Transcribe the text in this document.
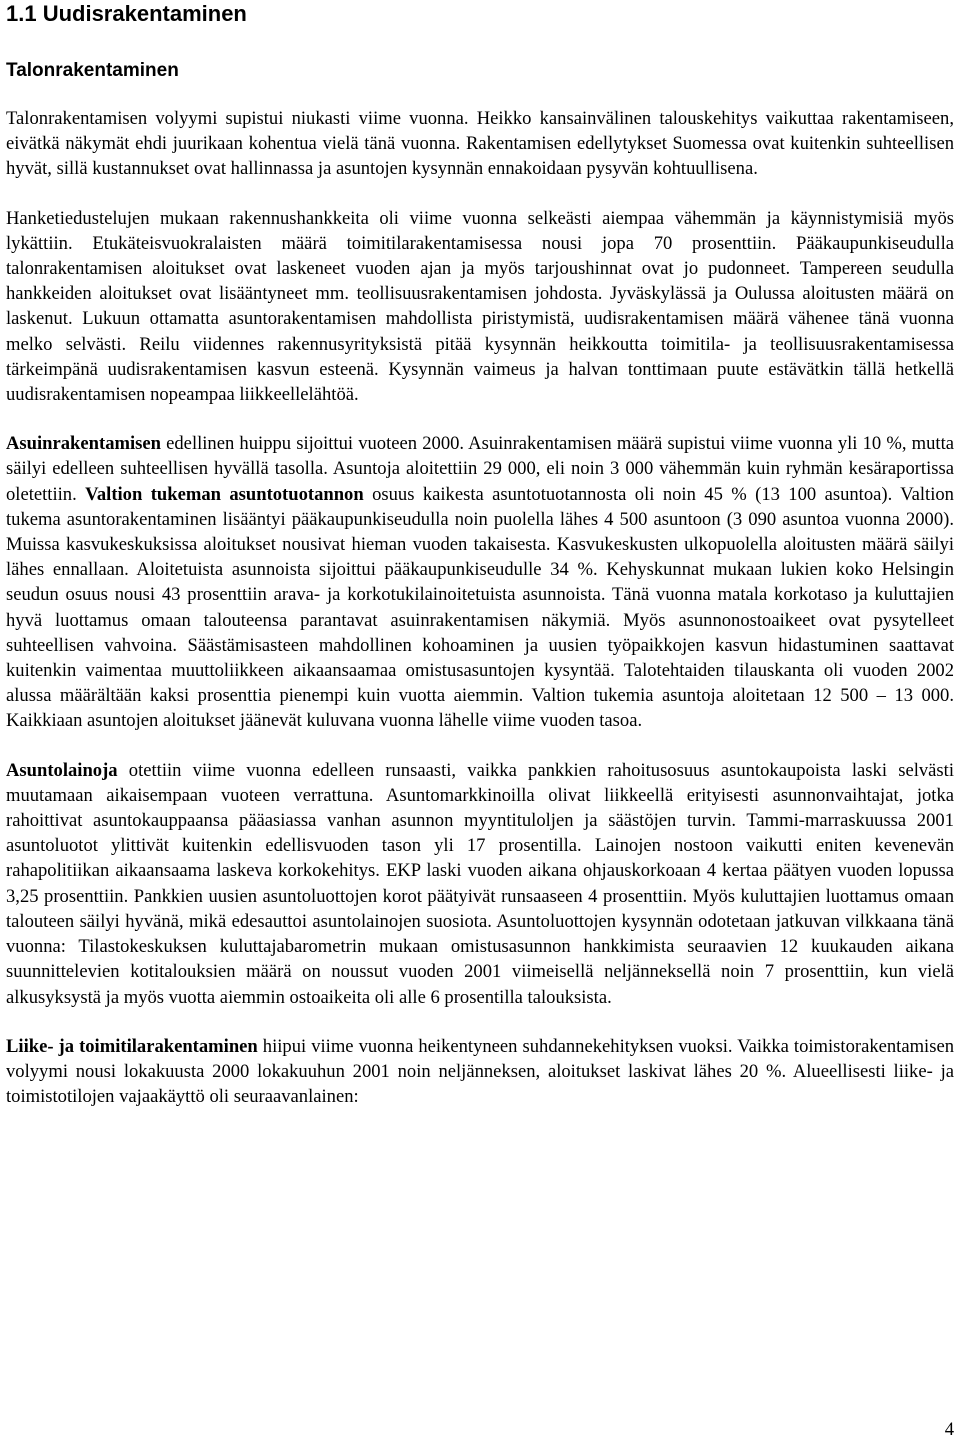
1.1 Uudisrakentaminen
Talonrakentaminen

Talonrakentamisen volyymi supistui niukasti viime vuonna. Heikko kansainvälinen talouskehitys vaikuttaa rakentamiseen, eivätkä näkymät ehdi juurikaan kohentua vielä tänä vuonna. Rakentamisen edellytykset Suomessa ovat kuitenkin suhteellisen hyvät, sillä kustannukset ovat hallinnassa ja asuntojen kysynnän ennakoidaan pysyvän kohtuullisena.

Hanketiedustelujen mukaan rakennushankkeita oli viime vuonna selkeästi aiempaa vähemmän ja käynnistymisiä myös lykättiin. Etukäteisvuokralaisten määrä toimitilarakentamisessa nousi jopa 70 prosenttiin. Pääkaupunkiseudulla talonrakentamisen aloitukset ovat laskeneet vuoden ajan ja myös tarjoushinnat ovat jo pudonneet. Tampereen seudulla hankkeiden aloitukset ovat lisääntyneet mm. teollisuusrakentamisen johdosta. Jyväskylässä ja Oulussa aloitusten määrä on laskenut. Lukuun ottamatta asuntorakentamisen mahdollista piristymistä, uudisrakentamisen määrä vähenee tänä vuonna melko selvästi. Reilu viidennes rakennusyrityksistä pitää kysynnän heikkoutta toimitila- ja teollisuusrakentamisessa tärkeimpänä uudisrakentamisen kasvun esteenä. Kysynnän vaimeus ja halvan tonttimaan puute estävätkin tällä hetkellä uudisrakentamisen nopeampaa liikkeellelähtöä.

Asuinrakentamisen edellinen huippu sijoittui vuoteen 2000. Asuinrakentamisen määrä supistui viime vuonna yli 10 %, mutta säilyi edelleen suhteellisen hyvällä tasolla. Asuntoja aloitettiin 29 000, eli noin 3 000 vähemmän kuin ryhmän kesäraportissa oletettiin. Valtion tukeman asuntotuotannon osuus kaikesta asuntotuotannosta oli noin 45 % (13 100 asuntoa). Valtion tukema asuntorakentaminen lisääntyi pääkaupunkiseudulla noin puolella lähes 4 500 asuntoon (3 090 asuntoa vuonna 2000). Muissa kasvukeskuksissa aloitukset nousivat hieman vuoden takaisesta. Kasvukeskusten ulkopuolella aloitusten määrä säilyi lähes ennallaan. Aloitetuista asunnoista sijoittui pääkaupunkiseudulle 34 %. Kehyskunnat mukaan lukien koko Helsingin seudun osuus nousi 43 prosenttiin arava- ja korkotukilainoitetuista asunnoista. Tänä vuonna matala korkotaso ja kuluttajien hyvä luottamus omaan talouteensa parantavat asuinrakentamisen näkymiä. Myös asunnonostoaikeet ovat pysytelleet suhteellisen vahvoina. Säästämisasteen mahdollinen kohoaminen ja uusien työpaikkojen kasvun hidastuminen saattavat kuitenkin vaimentaa muuttoliikkeen aikaansaamaa omistusasuntojen kysyntää. Talotehtaiden tilauskanta oli vuoden 2002 alussa määrältään kaksi prosenttia pienempi kuin vuotta aiemmin. Valtion tukemia asuntoja aloitetaan 12 500 – 13 000. Kaikkiaan asuntojen aloitukset jäänevät kuluvana vuonna lähelle viime vuoden tasoa.

Asuntolainoja otettiin viime vuonna edelleen runsaasti, vaikka pankkien rahoitusosuus asuntokaupoista laski selvästi muutamaan aikaisempaan vuoteen verrattuna. Asuntomarkkinoilla olivat liikkeellä erityisesti asunnonvaihtajat, jotka rahoittivat asuntokauppaansa pääasiassa vanhan asunnon myyntituloljen ja säästöjen turvin. Tammi-marraskuussa 2001 asuntoluotot ylittivät kuitenkin edellisvuoden tason yli 17 prosentilla. Lainojen nostoon vaikutti eniten kevenevän rahapolitiikan aikaansaama laskeva korkokehitys. EKP laski vuoden aikana ohjauskorkoaan 4 kertaa päätyen vuoden lopussa 3,25 prosenttiin. Pankkien uusien asuntoluottojen korot päätyivät runsaaseen 4 prosenttiin. Myös kuluttajien luottamus omaan talouteen säilyi hyvänä, mikä edesauttoi asuntolainojen suosiota. Asuntoluottojen kysynnän odotetaan jatkuvan vilkkaana tänä vuonna: Tilastokeskuksen kuluttajabarometrin mukaan omistusasunnon hankkimista seuraavien 12 kuukauden aikana suunnittelevien kotitalouksien määrä on noussut vuoden 2001 viimeisellä neljänneksellä noin 7 prosenttiin, kun vielä alkusyksystä ja myös vuotta aiemmin ostoaikeita oli alle 6 prosentilla talouksista.

Liike- ja toimitilarakentaminen hiipui viime vuonna heikentyneen suhdannekehityksen vuoksi. Vaikka toimistorakentamisen volyymi nousi lokakuusta 2000 lokakuuhun 2001 noin neljänneksen, aloitukset laskivat lähes 20 %. Alueellisesti liike- ja toimistotilojen vajaakäyttö oli seuraavanlainen:

4
